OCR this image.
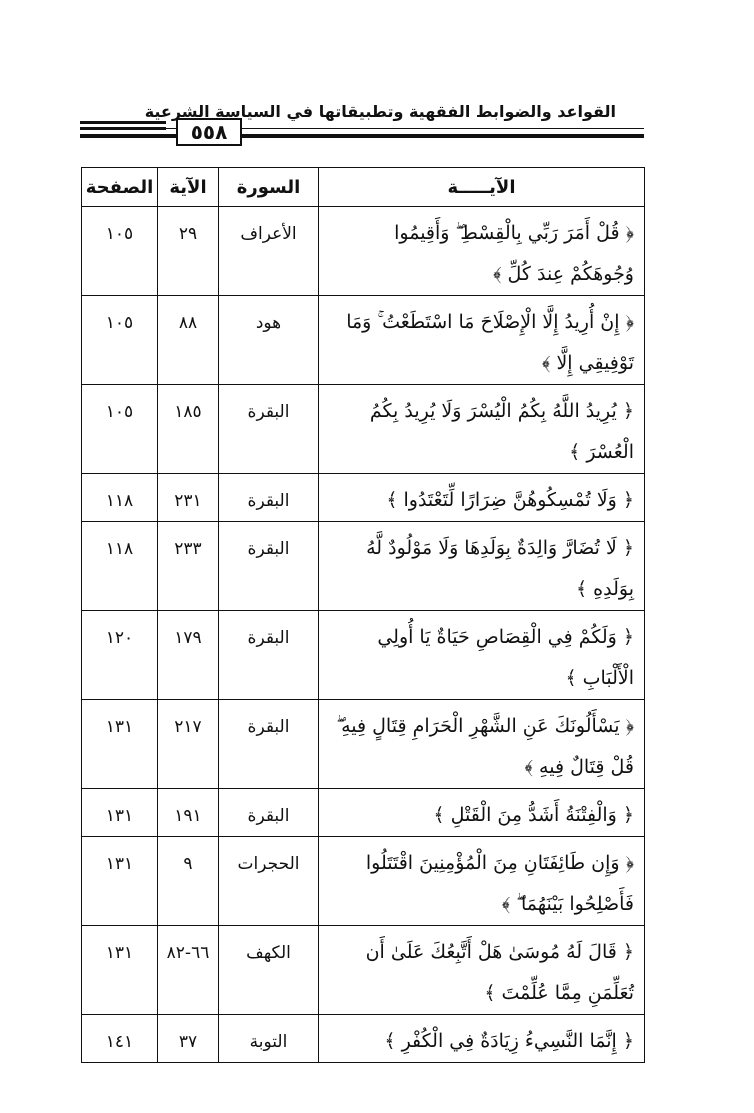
٥٥٨
القواعد والضوابط الفقهية وتطبيقاتها في السياسة الشرعية
الآيـــــة	السورة	الآية	الصفحة
﴿ قُلْ أَمَرَ رَبِّي بِالْقِسْطِ ۖ وَأَقِيمُوا وُجُوهَكُمْ عِندَ كُلِّ ﴾	الأعراف	٢٩	١٠٥
﴿ إِنْ أُرِيدُ إِلَّا الْإِصْلَاحَ مَا اسْتَطَعْتُ ۚ وَمَا تَوْفِيقِي إِلَّا ﴾	هود	٨٨	١٠٥
﴿ يُرِيدُ اللَّهُ بِكُمُ الْيُسْرَ وَلَا يُرِيدُ بِكُمُ الْعُسْرَ ﴾	البقرة	١٨٥	١٠٥
﴿ وَلَا تُمْسِكُوهُنَّ ضِرَارًا لِّتَعْتَدُوا ﴾	البقرة	٢٣١	١١٨
﴿ لَا تُضَارَّ وَالِدَةٌ بِوَلَدِهَا وَلَا مَوْلُودٌ لَّهُ بِوَلَدِهِ ﴾	البقرة	٢٣٣	١١٨
﴿ وَلَكُمْ فِي الْقِصَاصِ حَيَاةٌ يَا أُولِي الْأَلْبَابِ ﴾	البقرة	١٧٩	١٢٠
﴿ يَسْأَلُونَكَ عَنِ الشَّهْرِ الْحَرَامِ قِتَالٍ فِيهِ ۖ قُلْ قِتَالٌ فِيهِ ﴾	البقرة	٢١٧	١٣١
﴿ وَالْفِتْنَةُ أَشَدُّ مِنَ الْقَتْلِ ﴾	البقرة	١٩١	١٣١
﴿ وَإِن طَائِفَتَانِ مِنَ الْمُؤْمِنِينَ اقْتَتَلُوا فَأَصْلِحُوا بَيْنَهُمَا ۖ ﴾	الحجرات	٩	١٣١
﴿ قَالَ لَهُ مُوسَىٰ هَلْ أَتَّبِعُكَ عَلَىٰ أَن تُعَلِّمَنِ مِمَّا عُلِّمْتَ ﴾	الكهف	٦٦-٨٢	١٣١
﴿ إِنَّمَا النَّسِيءُ زِيَادَةٌ فِي الْكُفْرِ ﴾	التوبة	٣٧	١٤١
